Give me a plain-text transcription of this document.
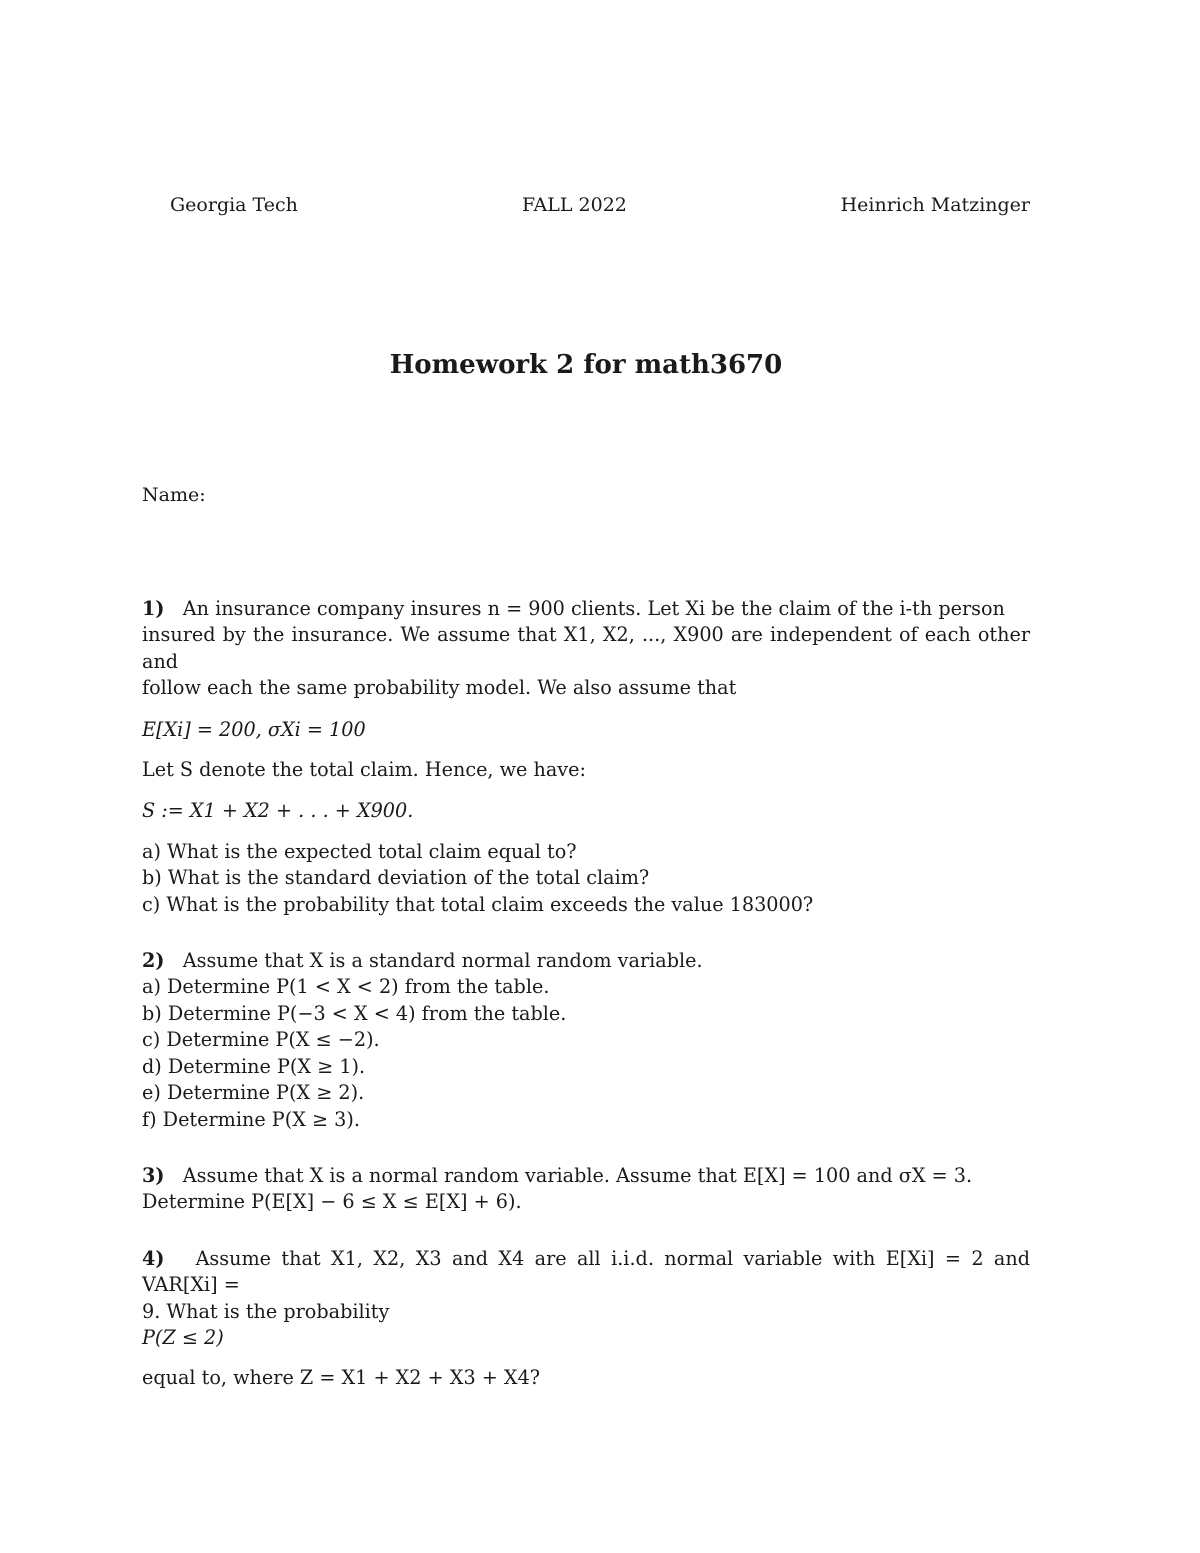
Georgia Tech	FALL 2022	Heinrich Matzinger
Homework 2 for math3670
Name:

1) An insurance company insures n = 900 clients. Let Xi be the claim of the i-th person

insured by the insurance. We assume that X1, X2, ..., X900 are independent of each other and

follow each the same probability model. We also assume that

E[Xi] = 200, σXi = 100

Let S denote the total claim. Hence, we have:

S := X1 + X2 + . . . + X900.

a) What is the expected total claim equal to?

b) What is the standard deviation of the total claim?

c) What is the probability that total claim exceeds the value 183000?

2) Assume that X is a standard normal random variable.

a) Determine P(1 < X < 2) from the table.

b) Determine P(−3 < X < 4) from the table.

c) Determine P(X ≤ −2).

d) Determine P(X ≥ 1).

e) Determine P(X ≥ 2).

f) Determine P(X ≥ 3).

3) Assume that X is a normal random variable. Assume that E[X] = 100 and σX = 3.

Determine P(E[X] − 6 ≤ X ≤ E[X] + 6).

4) Assume that X1, X2, X3 and X4 are all i.i.d. normal variable with E[Xi] = 2 and VAR[Xi] =

9. What is the probability

P(Z ≤ 2)

equal to, where Z = X1 + X2 + X3 + X4?
